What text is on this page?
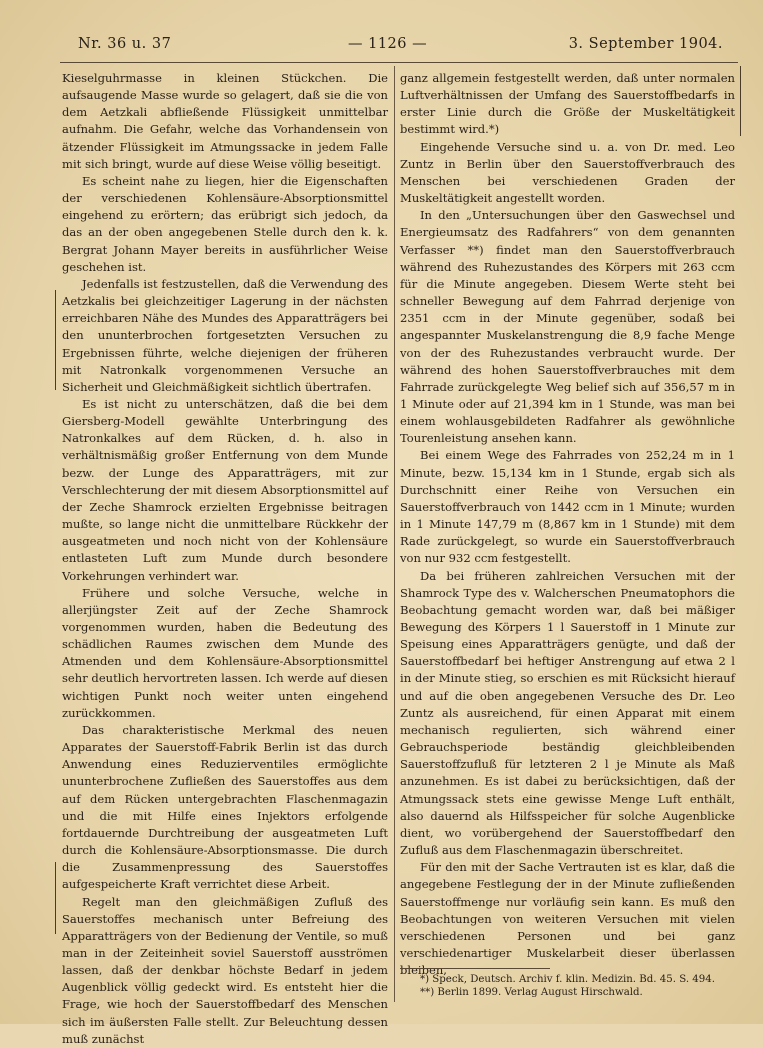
Nr. 36 u. 37	— 1126 —	3. September 1904.

Kieselguhrmasse in kleinen Stückchen. Die aufsaugende Masse wurde so gelagert, daß sie die von dem Aetzkali abfließende Flüssigkeit unmittelbar aufnahm. Die Gefahr, welche das Vorhandensein von ätzender Flüssigkeit im Atmungssacke in jedem Falle mit sich bringt, wurde auf diese Weise völlig beseitigt.

Es scheint nahe zu liegen, hier die Eigenschaften der verschiedenen Kohlensäure-Absorptionsmittel eingehend zu erörtern; das erübrigt sich jedoch, da das an der oben angegebenen Stelle durch den k. k. Bergrat Johann Mayer bereits in ausführlicher Weise geschehen ist.

Jedenfalls ist festzustellen, daß die Verwendung des Aetzkalis bei gleichzeitiger Lagerung in der nächsten erreichbaren Nähe des Mundes des Apparatträgers bei den ununterbrochen fortgesetzten Versuchen zu Ergebnissen führte, welche diejenigen der früheren mit Natronkalk vorgenommenen Versuche an Sicherheit und Gleichmäßigkeit sichtlich übertrafen.

Es ist nicht zu unterschätzen, daß die bei dem Giersberg-Modell gewählte Unterbringung des Natronkalkes auf dem Rücken, d. h. also in verhältnismäßig großer Entfernung von dem Munde bezw. der Lunge des Apparatträgers, mit zur Verschlechterung der mit diesem Absorptionsmittel auf der Zeche Shamrock erzielten Ergebnisse beitragen mußte, so lange nicht die unmittelbare Rückkehr der ausgeatmeten und noch nicht von der Kohlensäure entlasteten Luft zum Munde durch besondere Vorkehrungen verhindert war.

Frühere und solche Versuche, welche in allerjüngster Zeit auf der Zeche Shamrock vorgenommen wurden, haben die Bedeutung des schädlichen Raumes zwischen dem Munde des Atmenden und dem Kohlensäure-Absorptionsmittel sehr deutlich hervortreten lassen. Ich werde auf diesen wichtigen Punkt noch weiter unten eingehend zurückkommen.

Das charakteristische Merkmal des neuen Apparates der Sauerstoff-Fabrik Berlin ist das durch Anwendung eines Reduzierventiles ermöglichte ununterbrochene Zufließen des Sauerstoffes aus dem auf dem Rücken untergebrachten Flaschenmagazin und die mit Hilfe eines Injektors erfolgende fortdauernde Durchtreibung der ausgeatmeten Luft durch die Kohlensäure-Absorptionsmasse. Die durch die Zusammenpressung des Sauerstoffes aufgespeicherte Kraft verrichtet diese Arbeit.

Regelt man den gleichmäßigen Zufluß des Sauerstoffes mechanisch unter Befreiung des Apparatträgers von der Bedienung der Ventile, so muß man in der Zeiteinheit soviel Sauerstoff ausströmen lassen, daß der denkbar höchste Bedarf in jedem Augenblick völlig gedeckt wird. Es entsteht hier die Frage, wie hoch der Sauerstoffbedarf des Menschen sich im äußersten Falle stellt. Zur Beleuchtung dessen muß zunächst

ganz allgemein festgestellt werden, daß unter normalen Luftverhältnissen der Umfang des Sauerstoffbedarfs in erster Linie durch die Größe der Muskeltätigkeit bestimmt wird.*)

Eingehende Versuche sind u. a. von Dr. med. Leo Zuntz in Berlin über den Sauerstoffverbrauch des Menschen bei verschiedenen Graden der Muskeltätigkeit angestellt worden.

In den „Untersuchungen über den Gaswechsel und Energieumsatz des Radfahrers“ von dem genannten Verfasser **) findet man den Sauerstoffverbrauch während des Ruhezustandes des Körpers mit 263 ccm für die Minute angegeben. Diesem Werte steht bei schneller Bewegung auf dem Fahrrad derjenige von 2351 ccm in der Minute gegenüber, sodaß bei angespannter Muskelanstrengung die 8,9 fache Menge von der des Ruhezustandes verbraucht wurde. Der während des hohen Sauerstoffverbrauches mit dem Fahrrade zurückgelegte Weg belief sich auf 356,57 m in 1 Minute oder auf 21,394 km in 1 Stunde, was man bei einem wohlausgebildeten Radfahrer als gewöhnliche Tourenleistung ansehen kann.

Bei einem Wege des Fahrrades von 252,24 m in 1 Minute, bezw. 15,134 km in 1 Stunde, ergab sich als Durchschnitt einer Reihe von Versuchen ein Sauerstoffverbrauch von 1442 ccm in 1 Minute; wurden in 1 Minute 147,79 m (8,867 km in 1 Stunde) mit dem Rade zurückgelegt, so wurde ein Sauerstoffverbrauch von nur 932 ccm festgestellt.

Da bei früheren zahlreichen Versuchen mit der Shamrock Type des v. Walcherschen Pneumatophors die Beobachtung gemacht worden war, daß bei mäßiger Bewegung des Körpers 1 l Sauerstoff in 1 Minute zur Speisung eines Apparatträgers genügte, und daß der Sauerstoffbedarf bei heftiger Anstrengung auf etwa 2 l in der Minute stieg, so erschien es mit Rücksicht hierauf und auf die oben angegebenen Versuche des Dr. Leo Zuntz als ausreichend, für einen Apparat mit einem mechanisch regulierten, sich während einer Gebrauchsperiode beständig gleichbleibenden Sauerstoffzufluß für letzteren 2 l je Minute als Maß anzunehmen. Es ist dabei zu berücksichtigen, daß der Atmungssack stets eine gewisse Menge Luft enthält, also dauernd als Hilfsspeicher für solche Augenblicke dient, wo vorübergehend der Sauerstoffbedarf den Zufluß aus dem Flaschenmagazin überschreitet.

Für den mit der Sache Vertrauten ist es klar, daß die angegebene Festlegung der in der Minute zufließenden Sauerstoffmenge nur vorläufig sein kann. Es muß den Beobachtungen von weiteren Versuchen mit vielen verschiedenen Personen und bei ganz verschiedenartiger Muskelarbeit dieser überlassen bleiben,

*) Speck, Deutsch. Archiv f. klin. Medizin. Bd. 45. S. 494.
**) Berlin 1899. Verlag August Hirschwald.
